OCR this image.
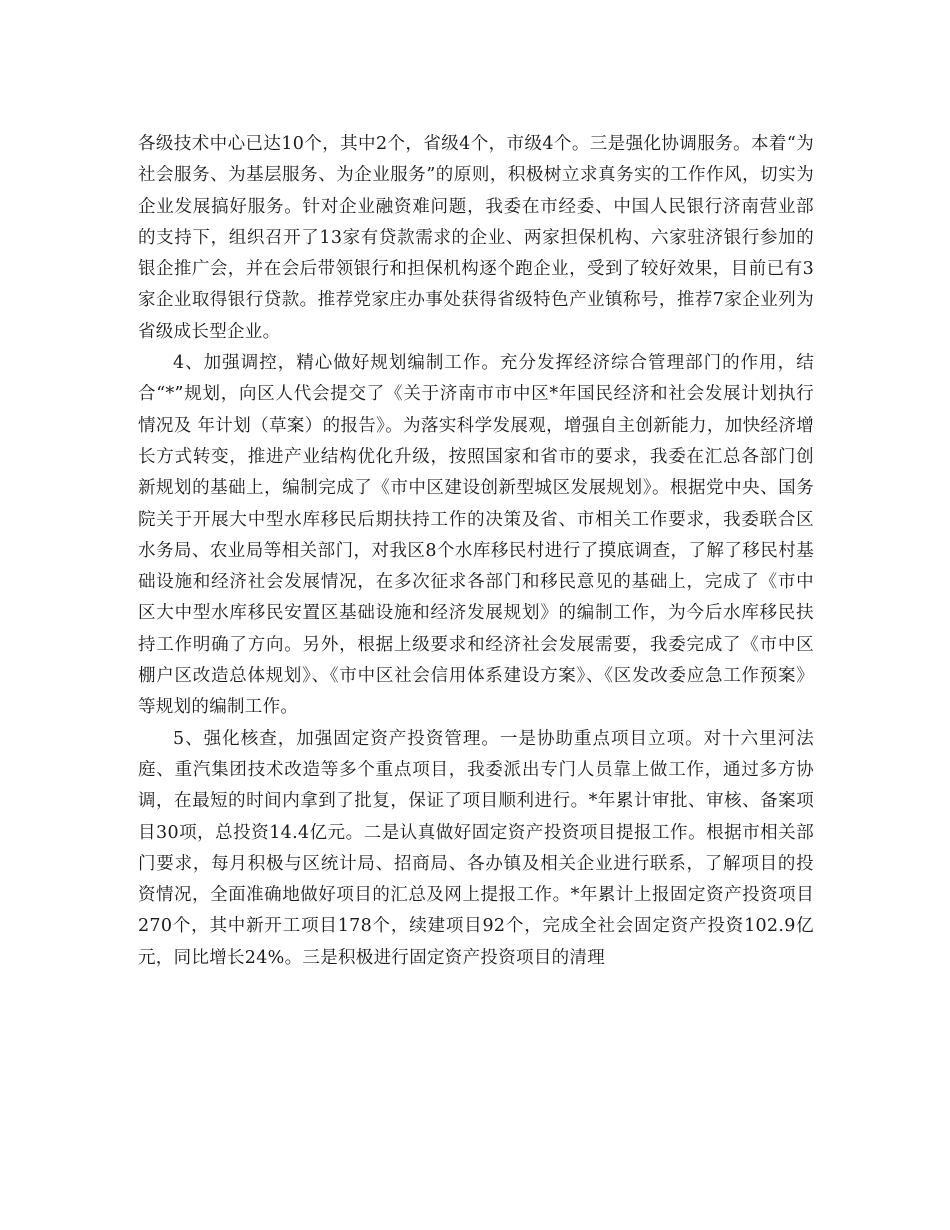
各级技术中心已达10个，其中2个，省级4个，市级4个。三是强化协调服务。本着“为社会服务、为基层服务、为企业服务”的原则，积极树立求真务实的工作作风，切实为企业发展搞好服务。针对企业融资难问题，我委在市经委、中国人民银行济南营业部的支持下，组织召开了13家有贷款需求的企业、两家担保机构、六家驻济银行参加的银企推广会，并在会后带领银行和担保机构逐个跑企业，受到了较好效果，目前已有3家企业取得银行贷款。推荐党家庄办事处获得省级特色产业镇称号，推荐7家企业列为省级成长型企业。

4、加强调控，精心做好规划编制工作。充分发挥经济综合管理部门的作用，结合“*”规划，向区人代会提交了《关于济南市市中区*年国民经济和社会发展计划执行情况及 年计划（草案）的报告》。为落实科学发展观，增强自主创新能力，加快经济增长方式转变，推进产业结构优化升级，按照国家和省市的要求，我委在汇总各部门创新规划的基础上，编制完成了《市中区建设创新型城区发展规划》。根据党中央、国务院关于开展大中型水库移民后期扶持工作的决策及省、市相关工作要求，我委联合区水务局、农业局等相关部门，对我区8个水库移民村进行了摸底调查，了解了移民村基础设施和经济社会发展情况，在多次征求各部门和移民意见的基础上，完成了《市中区大中型水库移民安置区基础设施和经济发展规划》的编制工作，为今后水库移民扶持工作明确了方向。另外，根据上级要求和经济社会发展需要，我委完成了《市中区棚户区改造总体规划》、《市中区社会信用体系建设方案》、《区发改委应急工作预案》等规划的编制工作。

5、强化核查，加强固定资产投资管理。一是协助重点项目立项。对十六里河法庭、重汽集团技术改造等多个重点项目，我委派出专门人员靠上做工作，通过多方协调，在最短的时间内拿到了批复，保证了项目顺利进行。*年累计审批、审核、备案项目30项，总投资14.4亿元。二是认真做好固定资产投资项目提报工作。根据市相关部门要求，每月积极与区统计局、招商局、各办镇及相关企业进行联系，了解项目的投资情况，全面准确地做好项目的汇总及网上提报工作。*年累计上报固定资产投资项目270个，其中新开工项目178个，续建项目92个，完成全社会固定资产投资102.9亿元，同比增长24%。三是积极进行固定资产投资项目的清理
